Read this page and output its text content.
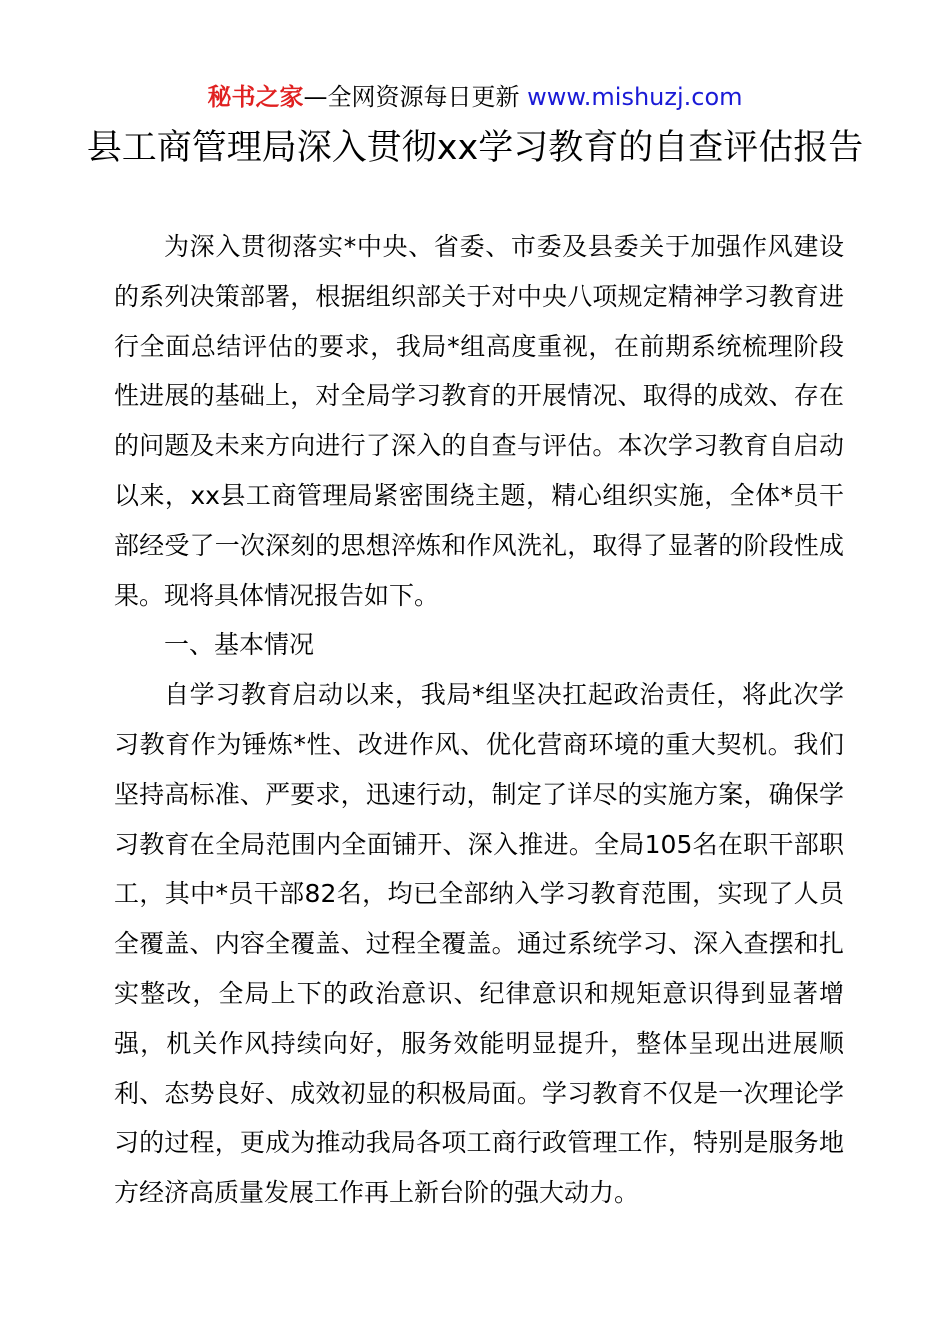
秘书之家—全网资源每日更新 www.mishuzj.com
县工商管理局深入贯彻xx学习教育的自查评估报告

为深入贯彻落实*中央、省委、市委及县委关于加强作风建设的系列决策部署，根据组织部关于对中央八项规定精神学习教育进行全面总结评估的要求，我局*组高度重视，在前期系统梳理阶段性进展的基础上，对全局学习教育的开展情况、取得的成效、存在的问题及未来方向进行了深入的自查与评估。本次学习教育自启动以来，xx县工商管理局紧密围绕主题，精心组织实施，全体*员干部经受了一次深刻的思想淬炼和作风洗礼，取得了显著的阶段性成果。现将具体情况报告如下。

一、基本情况

自学习教育启动以来，我局*组坚决扛起政治责任，将此次学习教育作为锤炼*性、改进作风、优化营商环境的重大契机。我们坚持高标准、严要求，迅速行动，制定了详尽的实施方案，确保学习教育在全局范围内全面铺开、深入推进。全局105名在职干部职工，其中*员干部82名，均已全部纳入学习教育范围，实现了人员全覆盖、内容全覆盖、过程全覆盖。通过系统学习、深入查摆和扎实整改，全局上下的政治意识、纪律意识和规矩意识得到显著增强，机关作风持续向好，服务效能明显提升，整体呈现出进展顺利、态势良好、成效初显的积极局面。学习教育不仅是一次理论学习的过程，更成为推动我局各项工商行政管理工作，特别是服务地方经济高质量发展工作再上新台阶的强大动力。
